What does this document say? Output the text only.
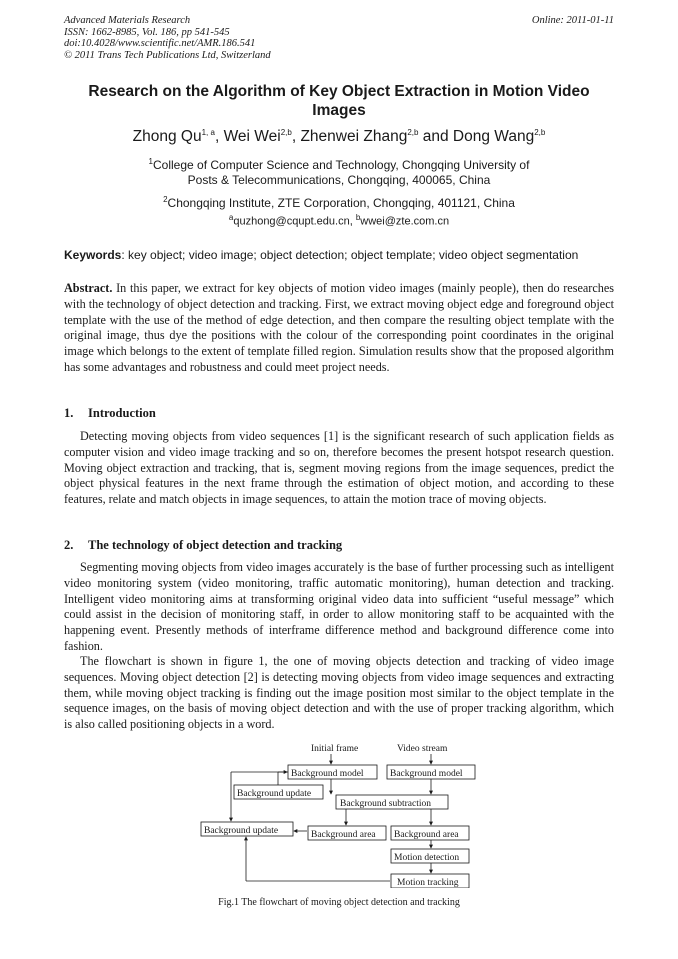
Advanced Materials Research
ISSN: 1662-8985, Vol. 186, pp 541-545
doi:10.4028/www.scientific.net/AMR.186.541
© 2011 Trans Tech Publications Ltd, Switzerland
Online: 2011-01-11
Research on the Algorithm of Key Object Extraction in Motion Video Images
Zhong Qu$^{1, a}$, Wei Wei$^{2,b}$, Zhenwei Zhang$^{2,b}$ and Dong Wang$^{2,b}$
$^1$College of Computer Science and Technology, Chongqing University of Posts & Telecommunications, Chongqing, 400065, China
$^2$Chongqing Institute, ZTE Corporation, Chongqing, 401121, China
$^a$quzhong@cqupt.edu.cn, $^b$wwei@zte.com.cn
Keywords: key object; video image; object detection; object template; video object segmentation
Abstract. In this paper, we extract for key objects of motion video images (mainly people), then do researches with the technology of object detection and tracking. First, we extract moving object edge and foreground object template with the use of the method of edge detection, and then compare the resulting object template with the original image, thus dye the positions with the colour of the corresponding point coordinates in the original image which belongs to the extent of template filled region. Simulation results show that the proposed algorithm has some advantages and robustness and could meet project needs.
1. Introduction
Detecting moving objects from video sequences [1] is the significant research of such application fields as computer vision and video image tracking and so on, therefore becomes the present hotspot research question. Moving object extraction and tracking, that is, segment moving regions from the image sequences, predict the object physical features in the next frame through the estimation of object motion, and according to these features, relate and match objects in image sequences, to attain the motion trace of moving objects.
2. The technology of object detection and tracking
Segmenting moving objects from video images accurately is the base of further processing such as intelligent video monitoring system (video monitoring, traffic automatic monitoring), human detection and tracking. Intelligent video monitoring aims at transforming original video data into sufficient “useful message” which could assist in the decision of monitoring staff, in order to allow monitoring staff to be acquainted with the happening event. Presently methods of interframe difference method and background difference come into fashion.
The flowchart is shown in figure 1, the one of moving objects detection and tracking of video image sequences. Moving object detection [2] is detecting moving objects from video image sequences and extracting them, while moving object tracking is finding out the image position most similar to the object template in the sequence images, on the basis of moving object detection and with the use of proper tracking algorithm, which is also called positioning objects in a word.
Initial frame	Video stream
Background model	Background model
Background update
Background subtraction
Background update	Background area Background area
Motion detection
Motion tracking
Fig.1 The flowchart of moving object detection and tracking
